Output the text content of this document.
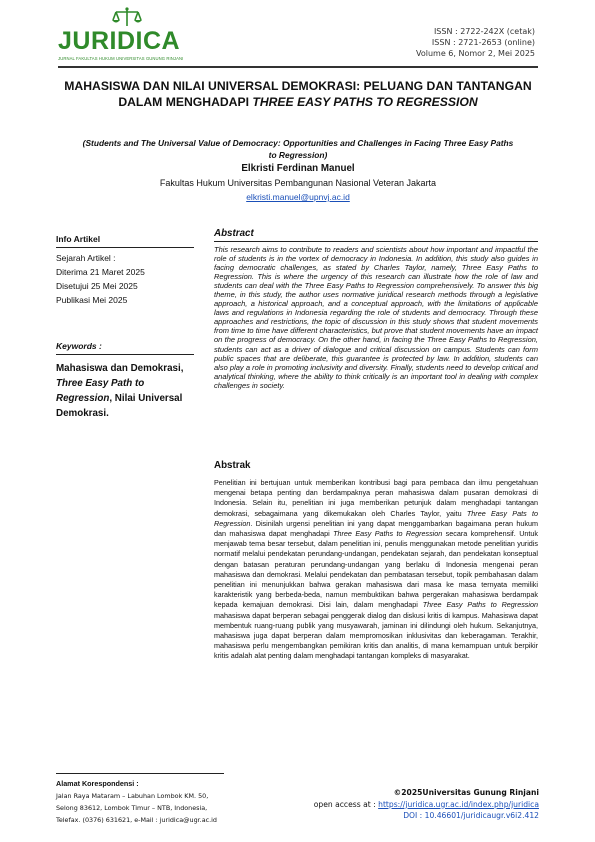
JURIDICA
JURNAL FAKULTAS HUKUM UNIVERSITAS GUNUNG RINJANI
ISSN : 2722-242X (cetak)
ISSN : 2721-2653 (online)
Volume 6, Nomor 2, Mei 2025
MAHASISWA DAN NILAI UNIVERSAL DEMOKRASI: PELUANG DAN TANTANGAN DALAM MENGHADAPI THREE EASY PATHS TO REGRESSION
(Students and The Universal Value of Democracy: Opportunities and Challenges in Facing Three Easy Paths to Regression)
Elkristi Ferdinan Manuel
Fakultas Hukum Universitas Pembangunan Nasional Veteran Jakarta
elkristi.manuel@upnvj.ac.id
Info Artikel
Sejarah Artikel :
Diterima 21 Maret 2025
Disetujui 25 Mei 2025
Publikasi Mei 2025
Keywords :
Mahasiswa dan Demokrasi, Three Easy Path to Regression, Nilai Universal Demokrasi.
Abstract
This research aims to contribute to readers and scientists about how important and impactful the role of students is in the vortex of democracy in Indonesia. In addition, this study also guides in facing democratic challenges, as stated by Charles Taylor, namely, Three Easy Paths to Regression. This is where the urgency of this research can illustrate how the role of law and students can deal with the Three Easy Paths to Regression comprehensively. To answer this big theme, in this study, the author uses normative juridical research methods through a legislative approach, a historical approach, and a conceptual approach, with the limitations of applicable laws and regulations in Indonesia regarding the role of students and democracy. Through these approaches and restrictions, the topic of discussion in this study shows that student movements from time to time have different characteristics, but prove that student movements have an impact on the progress of democracy. On the other hand, in facing the Three Easy Paths to Regression, students can act as a driver of dialogue and critical discussion on campus. Students can form public spaces that are deliberate, this guarantee is protected by law. In addition, students can also play a role in promoting inclusivity and diversity. Finally, students need to develop critical and analytical thinking, where the ability to think critically is an important tool in dealing with complex challenges in society.
Abstrak
Penelitian ini bertujuan untuk memberikan kontribusi bagi para pembaca dan ilmu pengetahuan mengenai betapa penting dan berdampaknya peran mahasiswa dalam pusaran demokrasi di Indonesia. Selain itu, penelitian ini juga memberikan petunjuk dalam menghadapi tantangan demokrasi, sebagaimana yang dikemukakan oleh Charles Taylor, yaitu Three Easy Pats to Regression. Disinilah urgensi penelitian ini yang dapat menggambarkan bagaimana peran hukum dan mahasiswa dapat menghadapi Three Easy Paths to Regression secara komprehensif. Untuk menjawab tema besar tersebut, dalam penelitian ini, penulis menggunakan metode penelitian yuridis normatif melalui pendekatan perundang-undangan, pendekatan sejarah, dan pendekatan konseptual dengan batasan peraturan perundang-undangan yang berlaku di Indonesia mengenai peran mahasiswa dan demokrasi. Melalui pendekatan dan pembatasan tersebut, topik pembahasan dalam penelitian ini menunjukkan bahwa gerakan mahasiswa dari masa ke masa ternyata memiliki karakteristik yang berbeda-beda, namun membuktikan bahwa pergerakan mahasiswa berdampak kepada kemajuan demokrasi. Disi lain, dalam menghadapi Three Easy Paths to Regression mahasiswa dapat berperan sebagai penggerak dialog dan diskusi kritis di kampus. Mahasiswa dapat membentuk ruang-ruang publik yang musyawarah, jaminan ini dilindungi oleh hukum. Sekanjutnya, mahasiswa juga dapat berperan dalam mempromosikan inklusivitas dan keberagaman. Terakhir, mahasiswa perlu mengembangkan pemikiran kritis dan analitis, di mana kemampuan untuk berpikir kritis adalah alat penting dalam menghadapi tantangan kompleks di masyarakat.
Alamat Korespondensi :
Jalan Raya Mataram – Labuhan Lombok KM. 50,
Selong 83612, Lombok Timur – NTB, Indonesia,
Telefax. (0376) 631621, e-Mail : juridica@ugr.ac.id
©2025Universitas Gunung Rinjani
open access at : https://juridica.ugr.ac.id/index.php/juridica
DOI : 10.46601/juridicaugr.v6i2.412
